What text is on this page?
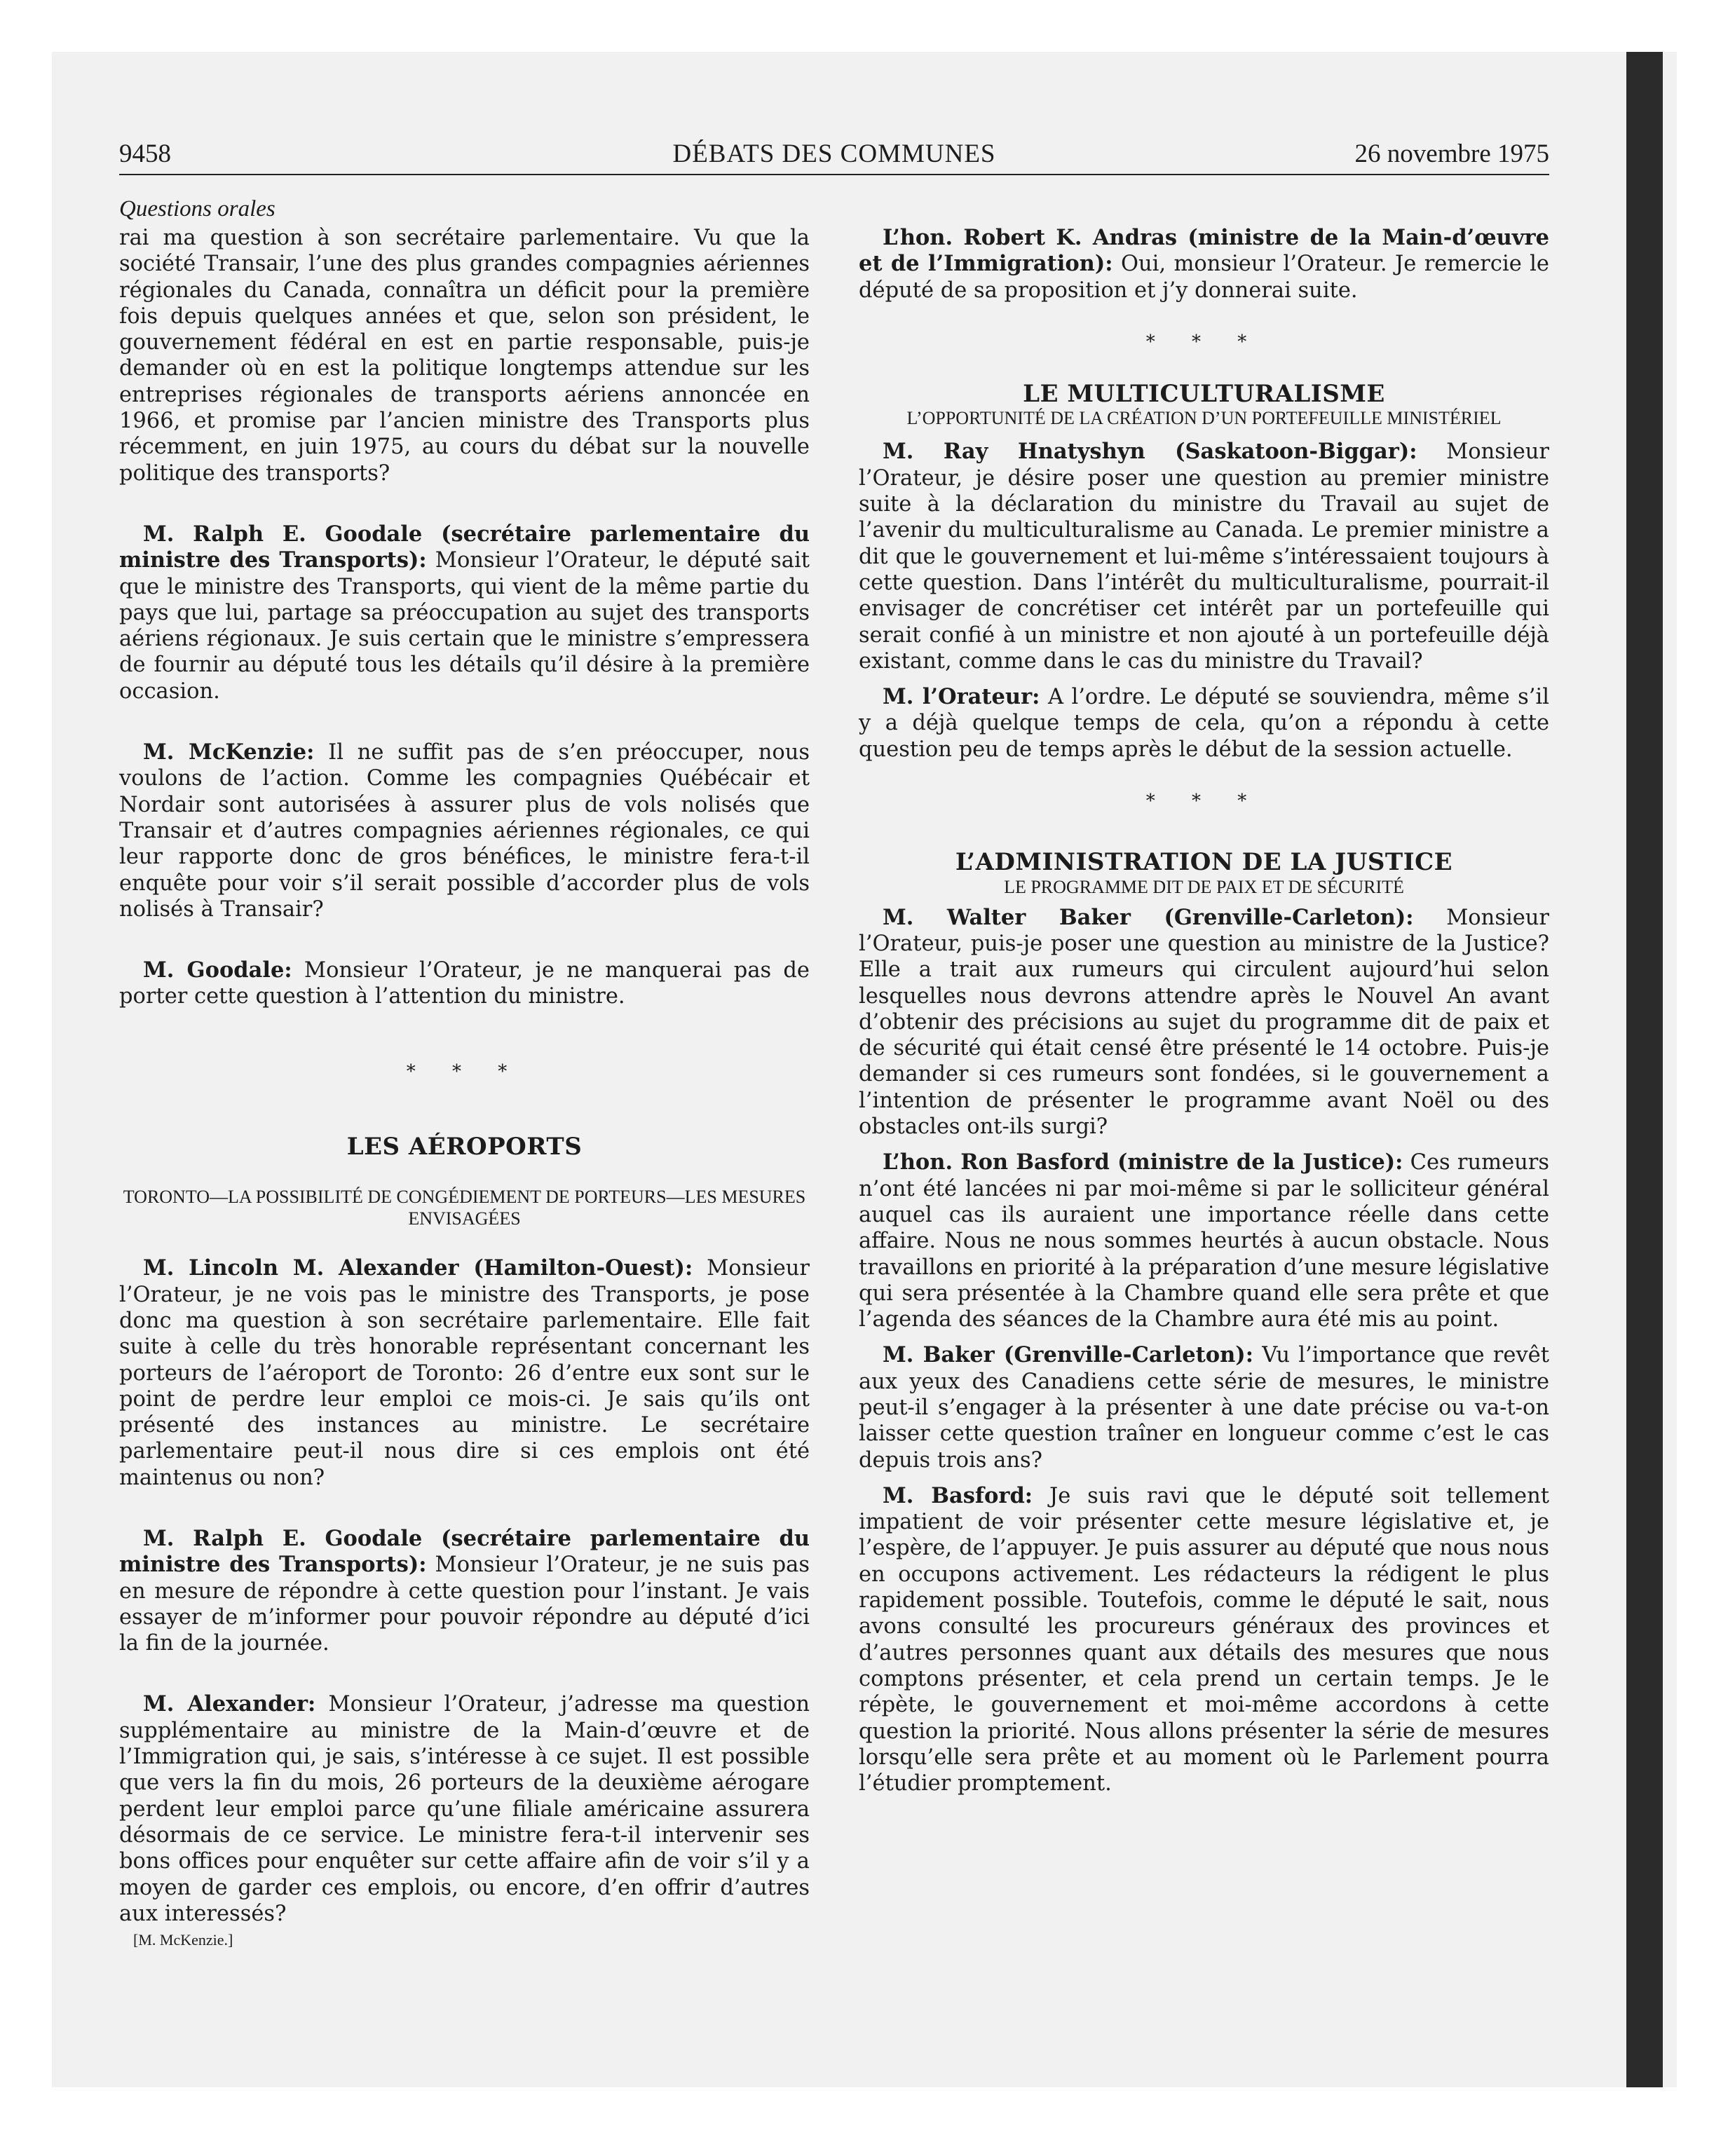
9458	DÉBATS DES COMMUNES	26 novembre 1975

Questions orales

rai ma question à son secrétaire parlementaire. Vu que la société Transair, l’une des plus grandes compagnies aériennes régionales du Canada, connaîtra un déficit pour la première fois depuis quelques années et que, selon son président, le gouvernement fédéral en est en partie responsable, puis-je demander où en est la politique longtemps attendue sur les entreprises régionales de transports aériens annoncée en 1966, et promise par l’ancien ministre des Transports plus récemment, en juin 1975, au cours du débat sur la nouvelle politique des transports?

M. Ralph E. Goodale (secrétaire parlementaire du ministre des Transports): Monsieur l’Orateur, le député sait que le ministre des Transports, qui vient de la même partie du pays que lui, partage sa préoccupation au sujet des transports aériens régionaux. Je suis certain que le ministre s’empressera de fournir au député tous les détails qu’il désire à la première occasion.

M. McKenzie: Il ne suffit pas de s’en préoccuper, nous voulons de l’action. Comme les compagnies Québécair et Nordair sont autorisées à assurer plus de vols nolisés que Transair et d’autres compagnies aériennes régionales, ce qui leur rapporte donc de gros bénéfices, le ministre fera-t-il enquête pour voir s’il serait possible d’accorder plus de vols nolisés à Transair?

M. Goodale: Monsieur l’Orateur, je ne manquerai pas de porter cette question à l’attention du ministre.

* * *

LES AÉROPORTS

TORONTO—LA POSSIBILITÉ DE CONGÉDIEMENT DE PORTEURS—LES MESURES ENVISAGÉES

M. Lincoln M. Alexander (Hamilton-Ouest): Monsieur l’Orateur, je ne vois pas le ministre des Transports, je pose donc ma question à son secrétaire parlementaire. Elle fait suite à celle du très honorable représentant concernant les porteurs de l’aéroport de Toronto: 26 d’entre eux sont sur le point de perdre leur emploi ce mois-ci. Je sais qu’ils ont présenté des instances au ministre. Le secrétaire parlementaire peut-il nous dire si ces emplois ont été maintenus ou non?

M. Ralph E. Goodale (secrétaire parlementaire du ministre des Transports): Monsieur l’Orateur, je ne suis pas en mesure de répondre à cette question pour l’instant. Je vais essayer de m’informer pour pouvoir répondre au député d’ici la fin de la journée.

M. Alexander: Monsieur l’Orateur, j’adresse ma question supplémentaire au ministre de la Main-d’œuvre et de l’Immigration qui, je sais, s’intéresse à ce sujet. Il est possible que vers la fin du mois, 26 porteurs de la deuxième aérogare perdent leur emploi parce qu’une filiale américaine assurera désormais de ce service. Le ministre fera-t-il intervenir ses bons offices pour enquêter sur cette affaire afin de voir s’il y a moyen de garder ces emplois, ou encore, d’en offrir d’autres aux interessés?

[M. McKenzie.]

L’hon. Robert K. Andras (ministre de la Main-d’œuvre et de l’Immigration): Oui, monsieur l’Orateur. Je remercie le député de sa proposition et j’y donnerai suite.

* * *

LE MULTICULTURALISME

L’OPPORTUNITÉ DE LA CRÉATION D’UN PORTEFEUILLE MINISTÉRIEL

M. Ray Hnatyshyn (Saskatoon-Biggar): Monsieur l’Orateur, je désire poser une question au premier ministre suite à la déclaration du ministre du Travail au sujet de l’avenir du multiculturalisme au Canada. Le premier ministre a dit que le gouvernement et lui-même s’intéressaient toujours à cette question. Dans l’intérêt du multiculturalisme, pourrait-il envisager de concrétiser cet intérêt par un portefeuille qui serait confié à un ministre et non ajouté à un portefeuille déjà existant, comme dans le cas du ministre du Travail?

M. l’Orateur: A l’ordre. Le député se souviendra, même s’il y a déjà quelque temps de cela, qu’on a répondu à cette question peu de temps après le début de la session actuelle.

* * *

L’ADMINISTRATION DE LA JUSTICE

LE PROGRAMME DIT DE PAIX ET DE SÉCURITÉ

M. Walter Baker (Grenville-Carleton): Monsieur l’Orateur, puis-je poser une question au ministre de la Justice? Elle a trait aux rumeurs qui circulent aujourd’hui selon lesquelles nous devrons attendre après le Nouvel An avant d’obtenir des précisions au sujet du programme dit de paix et de sécurité qui était censé être présenté le 14 octobre. Puis-je demander si ces rumeurs sont fondées, si le gouvernement a l’intention de présenter le programme avant Noël ou des obstacles ont-ils surgi?

L’hon. Ron Basford (ministre de la Justice): Ces rumeurs n’ont été lancées ni par moi-même si par le solliciteur général auquel cas ils auraient une importance réelle dans cette affaire. Nous ne nous sommes heurtés à aucun obstacle. Nous travaillons en priorité à la préparation d’une mesure législative qui sera présentée à la Chambre quand elle sera prête et que l’agenda des séances de la Chambre aura été mis au point.

M. Baker (Grenville-Carleton): Vu l’importance que revêt aux yeux des Canadiens cette série de mesures, le ministre peut-il s’engager à la présenter à une date précise ou va-t-on laisser cette question traîner en longueur comme c’est le cas depuis trois ans?

M. Basford: Je suis ravi que le député soit tellement impatient de voir présenter cette mesure législative et, je l’espère, de l’appuyer. Je puis assurer au député que nous nous en occupons activement. Les rédacteurs la rédigent le plus rapidement possible. Toutefois, comme le député le sait, nous avons consulté les procureurs généraux des provinces et d’autres personnes quant aux détails des mesures que nous comptons présenter, et cela prend un certain temps. Je le répète, le gouvernement et moi-même accordons à cette question la priorité. Nous allons présenter la série de mesures lorsqu’elle sera prête et au moment où le Parlement pourra l’étudier promptement.
